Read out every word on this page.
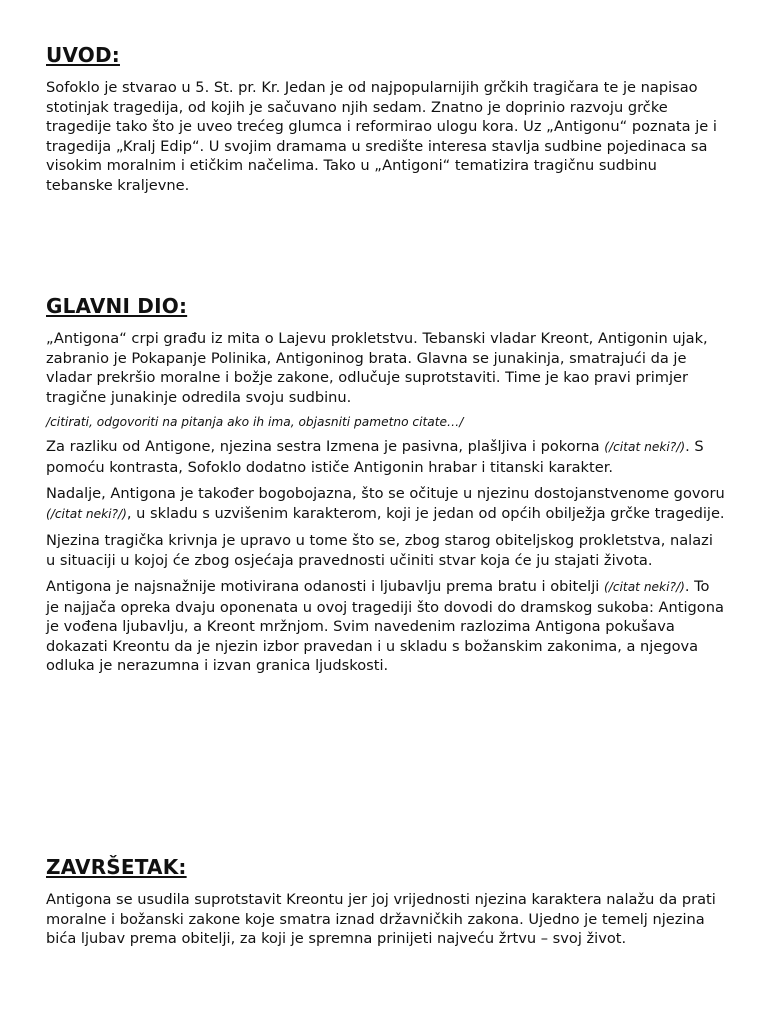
UVOD:

Sofoklo je stvarao u 5. St. pr. Kr. Jedan je od najpopularnijih grčkih tragičara te je napisao stotinjak tragedija, od kojih je sačuvano njih sedam. Znatno je doprinio razvoju grčke tragedije tako što je uveo trećeg glumca i reformirao ulogu kora. Uz „Antigonu“ poznata je i tragedija „Kralj Edip“. U svojim dramama u središte interesa stavlja sudbine pojedinaca sa visokim moralnim i etičkim načelima. Tako u „Antigoni“ tematizira tragičnu sudbinu tebanske kraljevne.

GLAVNI DIO:

„Antigona“ crpi građu iz mita o Lajevu prokletstvu. Tebanski vladar Kreont, Antigonin ujak, zabranio je Pokapanje Polinika, Antigoninog brata. Glavna se junakinja, smatrajući da je vladar prekršio moralne i božje zakone, odlučuje suprotstaviti. Time je kao pravi primjer tragične junakinje odredila svoju sudbinu.

/citirati, odgovoriti na pitanja ako ih ima, objasniti pametno citate…/

Za razliku od Antigone, njezina sestra Izmena je pasivna, plašljiva i pokorna (/citat neki?/). S pomoću kontrasta, Sofoklo dodatno ističe Antigonin hrabar i titanski karakter.

Nadalje, Antigona je također bogobojazna, što se očituje u njezinu dostojanstvenome govoru (/citat neki?/), u skladu s uzvišenim karakterom, koji je jedan od općih obilježja grčke tragedije.

Njezina tragička krivnja je upravo u tome što se, zbog starog obiteljskog prokletstva, nalazi u situaciji u kojoj će zbog osjećaja pravednosti učiniti stvar koja će ju stajati života.

Antigona je najsnažnije motivirana odanosti i ljubavlju prema bratu i obitelji (/citat neki?/). To je najjača opreka dvaju oponenata u ovoj tragediji što dovodi do dramskog sukoba: Antigona je vođena ljubavlju, a Kreont mržnjom. Svim navedenim razlozima Antigona pokušava dokazati Kreontu da je njezin izbor pravedan i u skladu s božanskim zakonima, a njegova odluka je nerazumna i izvan granica ljudskosti.

ZAVRŠETAK:

Antigona se usudila suprotstavit Kreontu jer joj vrijednosti njezina karaktera nalažu da prati moralne i božanski zakone koje smatra iznad državničkih zakona. Ujedno je temelj njezina bića ljubav prema obitelji, za koji je spremna prinijeti najveću žrtvu – svoj život.
